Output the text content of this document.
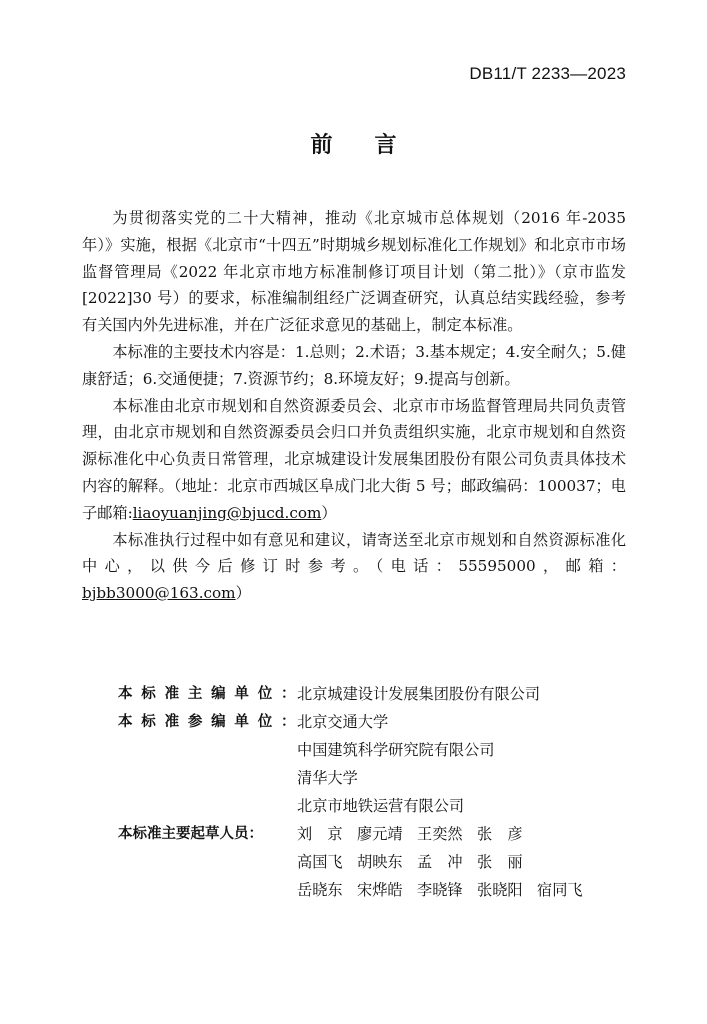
DB11/T 2233—2023
前 言

为贯彻落实党的二十大精神，推动《北京城市总体规划（2016 年-2035 年）》实施，根据《北京市“十四五”时期城乡规划标准化工作规划》和北京市市场监督管理局《2022 年北京市地方标准制修订项目计划（第二批）》（京市监发[2022]30 号）的要求，标准编制组经广泛调查研究，认真总结实践经验，参考有关国内外先进标准，并在广泛征求意见的基础上，制定本标准。

本标准的主要技术内容是：1.总则；2.术语；3.基本规定；4.安全耐久；5.健康舒适；6.交通便捷；7.资源节约；8.环境友好；9.提高与创新。

本标准由北京市规划和自然资源委员会、北京市市场监督管理局共同负责管理，由北京市规划和自然资源委员会归口并负责组织实施，北京市规划和自然资源标准化中心负责日常管理，北京城建设计发展集团股份有限公司负责具体技术内容的解释。（地址：北京市西城区阜成门北大街 5 号；邮政编码：100037；电子邮箱:liaoyuanjing@bjucd.com）

本标准执行过程中如有意见和建议，请寄送至北京市规划和自然资源标准化中心，以供今后修订时参考。（电话：55595000，邮箱：bjbb3000@163.com）

本 标 准 主 编 单 位 ： 北京城建设计发展集团股份有限公司
本 标 准 参 编 单 位 ： 北京交通大学
中国建筑科学研究院有限公司
清华大学
北京市地铁运营有限公司
本标准主要起草人员 ： 刘　京 廖元靖 王奕然 张　彦
高国飞 胡映东 孟　冲 张　丽
岳晓东 宋烨皓 李晓锋 张晓阳 宿同飞
